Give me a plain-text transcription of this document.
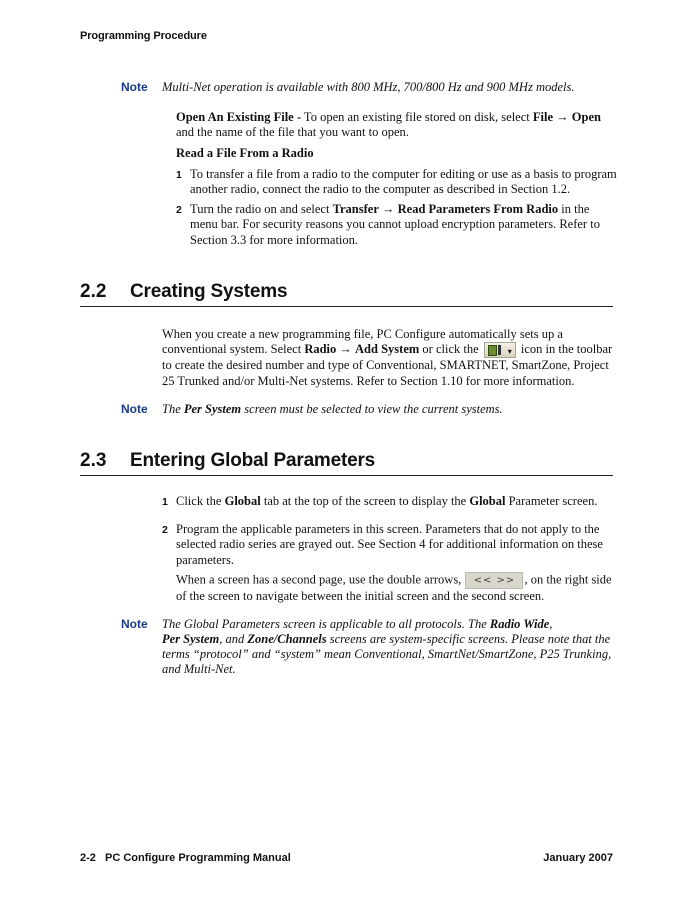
Programming Procedure
Note Multi-Net operation is available with 800 MHz, 700/800 Hz and 900 MHz models.
Open An Existing File - To open an existing file stored on disk, select File → Open
and the name of the file that you want to open.
Read a File From a Radio
1 To transfer a file from a radio to the computer for editing or use as a basis to program
another radio, connect the radio to the computer as described in Section 1.2.
2 Turn the radio on and select Transfer → Read Parameters From Radio in the
menu bar. For security reasons you cannot upload encryption parameters. Refer to
Section 3.3 for more information.
2.2 Creating Systems
When you create a new programming file, PC Configure automatically sets up a
conventional system. Select Radio → Add System or click the	▾ icon in the toolbar
to create the desired number and type of Conventional, SMARTNET, SmartZone, Project
25 Trunked and/or Multi-Net systems. Refer to Section 1.10 for more information.
Note The Per System screen must be selected to view the current systems.
2.3 Entering Global Parameters
1 Click the Global tab at the top of the screen to display the Global Parameter screen.
2 Program the applicable parameters in this screen. Parameters that do not apply to the
selected radio series are grayed out. See Section 4 for additional information on these
parameters.
When a screen has a second page, use the double arrows, << >> , on the right side
of the screen to navigate between the initial screen and the second screen.
Note The Global Parameters screen is applicable to all protocols. The Radio Wide,
Per System, and Zone/Channels screens are system-specific screens. Please note that the
terms “protocol” and “system” mean Conventional, SmartNet/SmartZone, P25 Trunking,
and Multi-Net.
2-2 PC Configure Programming Manual	January 2007
